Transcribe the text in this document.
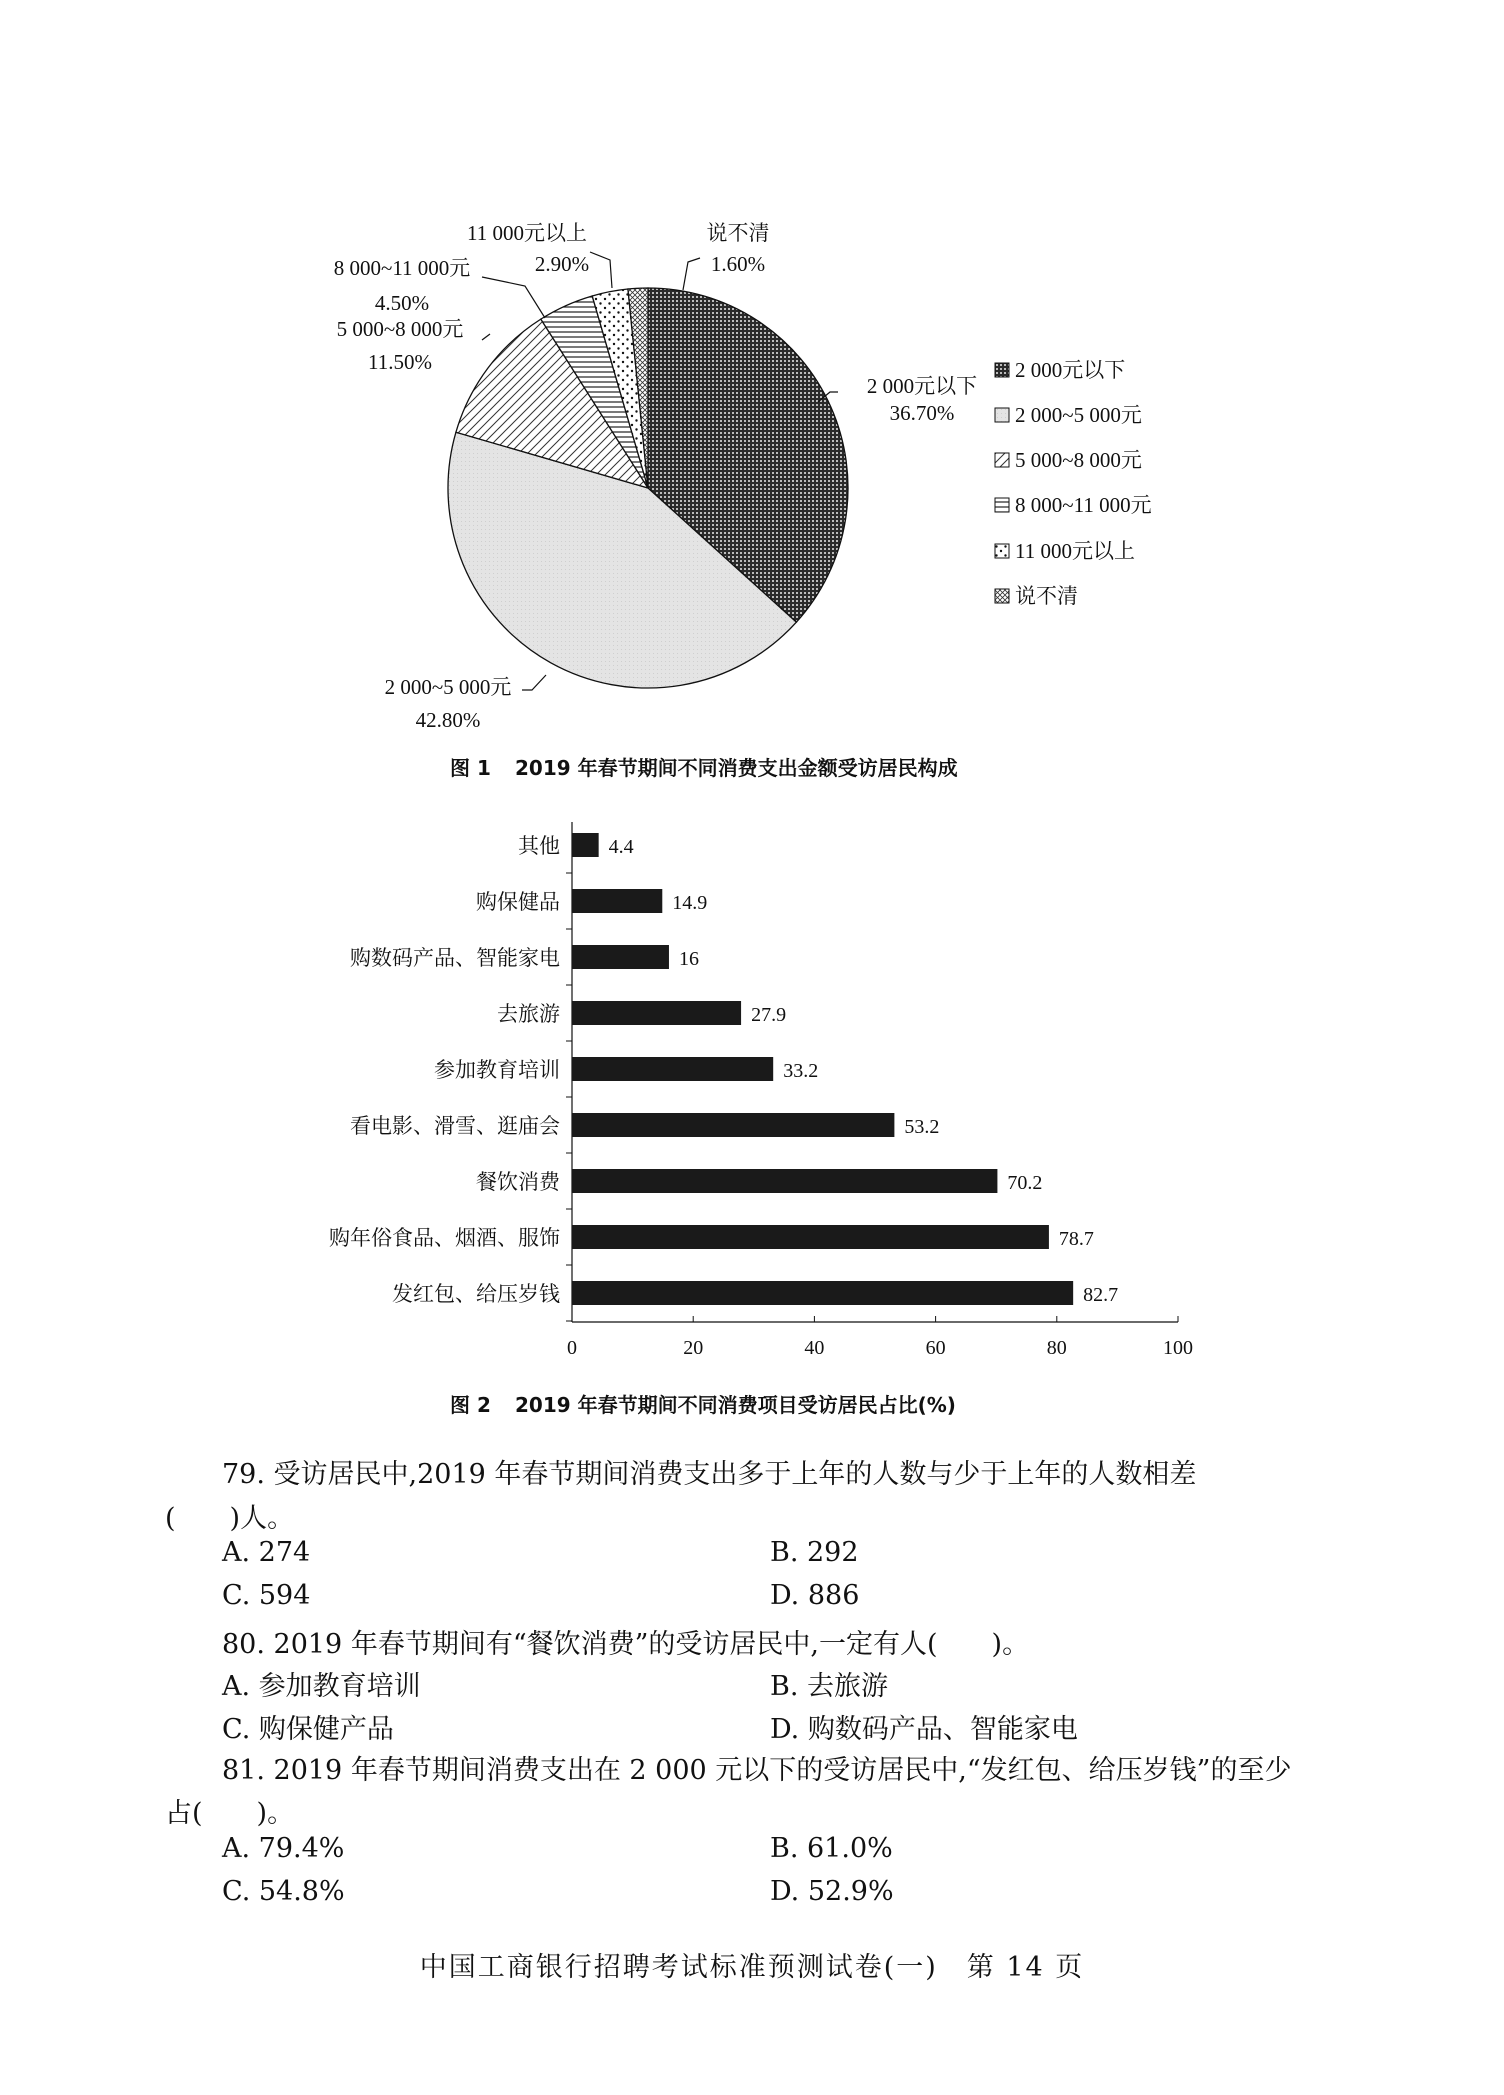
11 000元以上
2.90%
说不清
1.60%
8 000~11 000元
4.50%
5 000~8 000元
11.50%
2 000元以下
36.70%
2 000~5 000元
42.80%
2 000元以下
2 000~5 000元
5 000~8 000元
8 000~11 000元
11 000元以上
说不清
图 1 2019 年春节期间不同消费支出金额受访居民构成
其他 4.4
购保健品	14.9
购数码产品、智能家电	16
去旅游	27.9
参加教育培训	33.2
看电影、滑雪、逛庙会	53.2
餐饮消费	70.2
购年俗食品、烟酒、服饰	78.7
发红包、给压岁钱	82.7
0	20	40	60	80	100
图 2 2019 年春节期间不同消费项目受访居民占比(%)
79. 受访居民中,2019 年春节期间消费支出多于上年的人数与少于上年的人数相差
(　　)人。
A. 274	B. 292
C. 594	D. 886
80. 2019 年春节期间有“餐饮消费”的受访居民中,一定有人(　　)。
A. 参加教育培训	B. 去旅游
C. 购保健产品	D. 购数码产品、智能家电
81. 2019 年春节期间消费支出在 2 000 元以下的受访居民中,“发红包、给压岁钱”的至少
占(　　)。
A. 79.4%	B. 61.0%
C. 54.8%	D. 52.9%
中国工商银行招聘考试标准预测试卷(一)　第 14 页
